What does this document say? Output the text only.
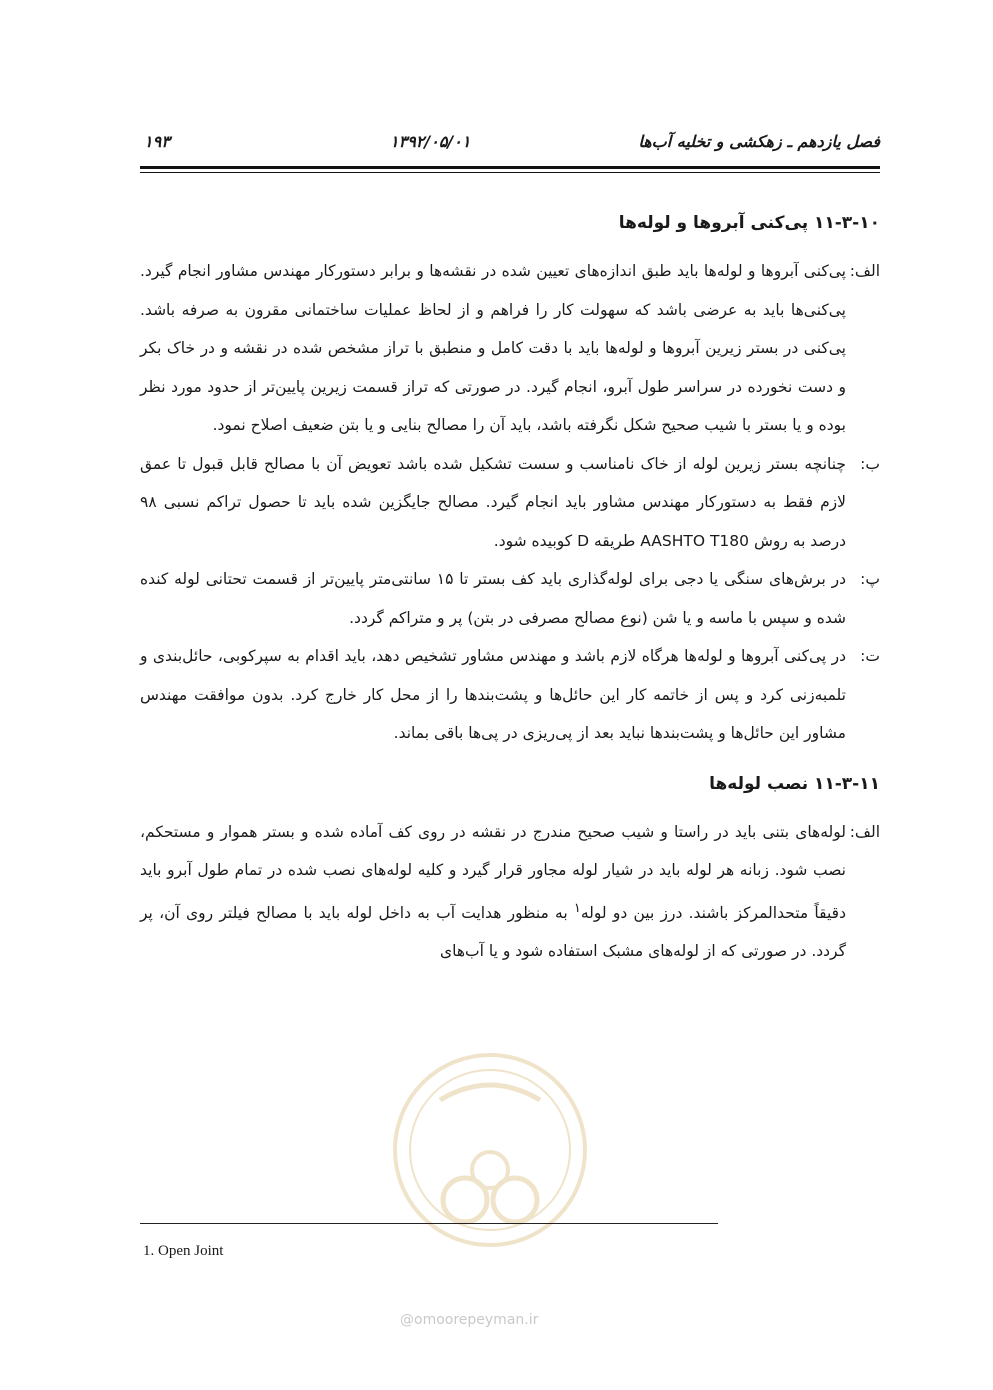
فصل یازدهم ـ زهکشی و تخلیه آب‌ها
۱۳۹۲/۰۵/۰۱
۱۹۳
۱۱-۳-۱۰ پی‌کنی آبروها و لوله‌ها
الف:
پی‌کنی آبروها و لوله‌ها باید طبق اندازه‌های تعیین شده در نقشه‌ها و برابر دستورکار مهندس مشاور انجام گیرد. پی‌کنی‌ها باید به عرضی باشد که سهولت کار را فراهم و از لحاظ عملیات ساختمانی مقرون به صرفه باشد. پی‌کنی در بستر زیرین آبروها و لوله‌ها باید با دقت کامل و منطبق با تراز مشخص شده در نقشه و در خاک بکر و دست نخورده در سراسر طول آبرو، انجام گیرد. در صورتی که تراز قسمت زیرین پایین‌تر از حدود مورد نظر بوده و یا بستر با شیب صحیح شکل نگرفته باشد، باید آن را مصالح بنایی و یا بتن ضعیف اصلاح نمود.
ب:
چنانچه بستر زیرین لوله از خاک نامناسب و سست تشکیل شده باشد تعویض آن با مصالح قابل قبول تا عمق لازم فقط به دستورکار مهندس مشاور باید انجام گیرد. مصالح جایگزین شده باید تا حصول تراکم نسبی ۹۸ درصد به روش AASHTO T180 طریقه D کوبیده شود.
پ:
در برش‌های سنگی یا دجی برای لوله‌گذاری باید کف بستر تا ۱۵ سانتی‌متر پایین‌تر از قسمت تحتانی لوله کنده شده و سپس با ماسه و یا شن (نوع مصالح مصرفی در بتن) پر و متراکم گردد.
ت:
در پی‌کنی آبروها و لوله‌ها هرگاه لازم باشد و مهندس مشاور تشخیص دهد، باید اقدام به سپرکوبی، حائل‌بندی و تلمبه‌زنی کرد و پس از خاتمه کار این حائل‌ها و پشت‌بندها را از محل کار خارج کرد. بدون موافقت مهندس مشاور این حائل‌ها و پشت‌بندها نباید بعد از پی‌ریزی در پی‌ها باقی بماند.
۱۱-۳-۱۱ نصب لوله‌ها
الف:
لوله‌های بتنی باید در راستا و شیب صحیح مندرج در نقشه در روی کف آماده شده و بستر هموار و مستحکم، نصب شود. زبانه هر لوله باید در شیار لوله مجاور قرار گیرد و کلیه لوله‌های نصب شده در تمام طول آبرو باید دقیقاً متحدالمرکز باشند. درز بین دو لوله$^۱$ به منظور هدایت آب به داخل لوله باید با مصالح فیلتر روی آن، پر گردد. در صورتی که از لوله‌های مشبک استفاده شود و یا آب‌های
@omoorepeyman.ir
1. Open Joint
